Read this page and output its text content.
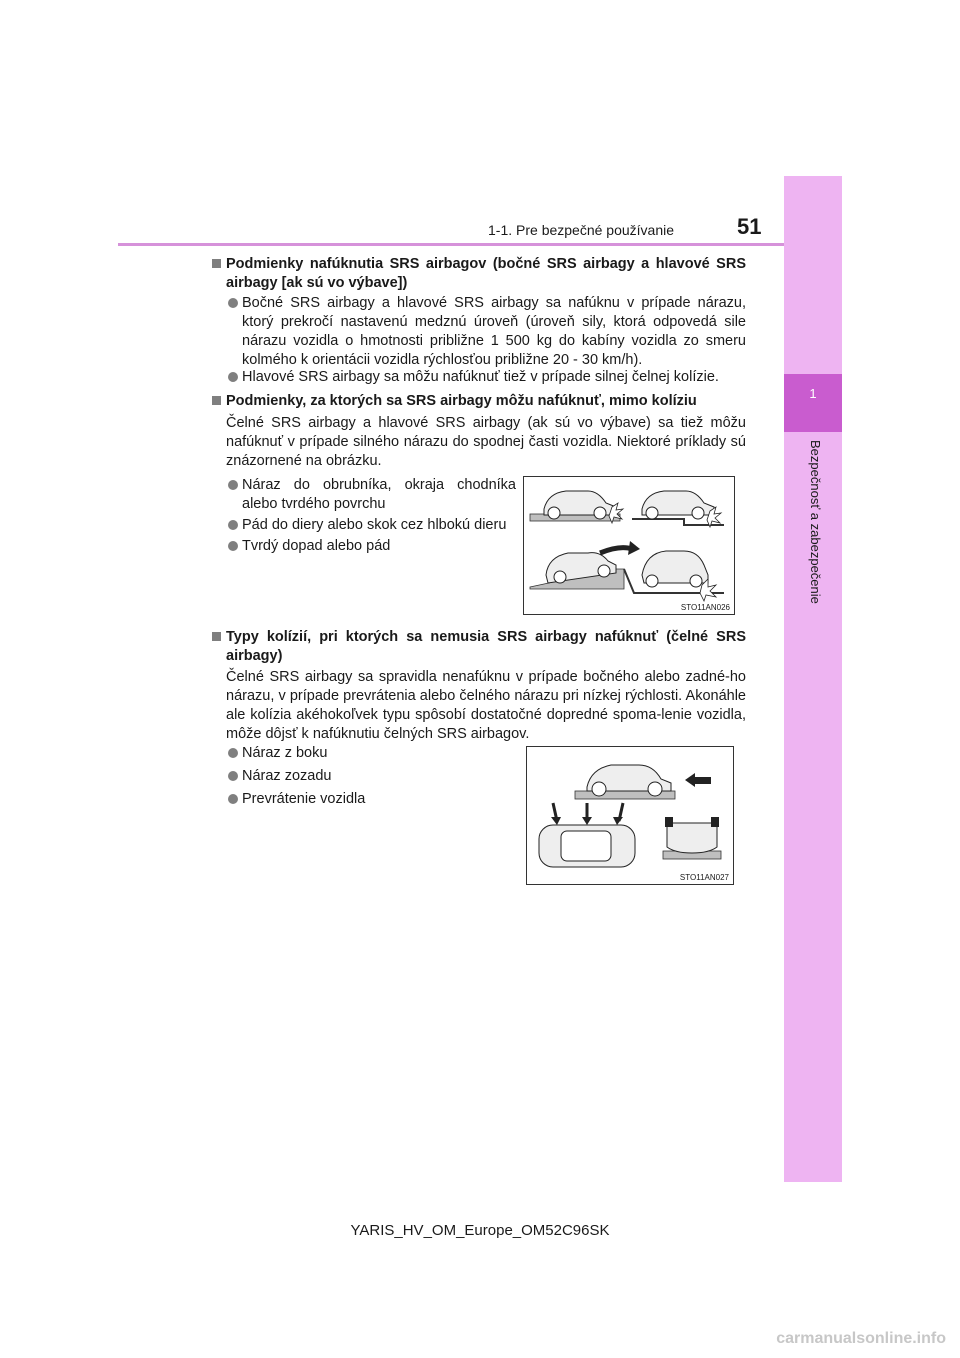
1
Bezpečnosť a zabezpečenie
1-1. Pre bezpečné používanie	51
Podmienky nafúknutia SRS airbagov (bočné SRS airbagy a hlavové SRS airbagy [ak sú vo výbave])
Bočné SRS airbagy a hlavové SRS airbagy sa nafúknu v prípade nárazu, ktorý prekročí nastavenú medznú úroveň (úroveň sily, ktorá odpovedá sile nárazu vozidla o hmotnosti približne 1 500 kg do kabíny vozidla zo smeru kolmého k orientácii vozidla rýchlosťou približne 20 - 30 km/h).
Hlavové SRS airbagy sa môžu nafúknuť tiež v prípade silnej čelnej kolízie.
Podmienky, za ktorých sa SRS airbagy môžu nafúknuť, mimo kolíziu
Čelné SRS airbagy a hlavové SRS airbagy (ak sú vo výbave) sa tiež môžu nafúknuť v prípade silného nárazu do spodnej časti vozidla. Niektoré príklady sú znázornené na obrázku.
Náraz do obrubníka, okraja chodníka alebo tvrdého povrchu
Pád do diery alebo skok cez hlbokú dieru
Tvrdý dopad alebo pád
STO11AN026
Typy kolízií, pri ktorých sa nemusia SRS airbagy nafúknuť (čelné SRS airbagy)
Čelné SRS airbagy sa spravidla nenafúknu v prípade bočného alebo zadné-ho nárazu, v prípade prevrátenia alebo čelného nárazu pri nízkej rýchlosti. Akonáhle ale kolízia akéhokoľvek typu spôsobí dostatočné dopredné spoma-lenie vozidla, môže dôjsť k nafúknutiu čelných SRS airbagov.
Náraz z boku
Náraz zozadu
Prevrátenie vozidla
STO11AN027
YARIS_HV_OM_Europe_OM52C96SK
carmanualsonline.info
